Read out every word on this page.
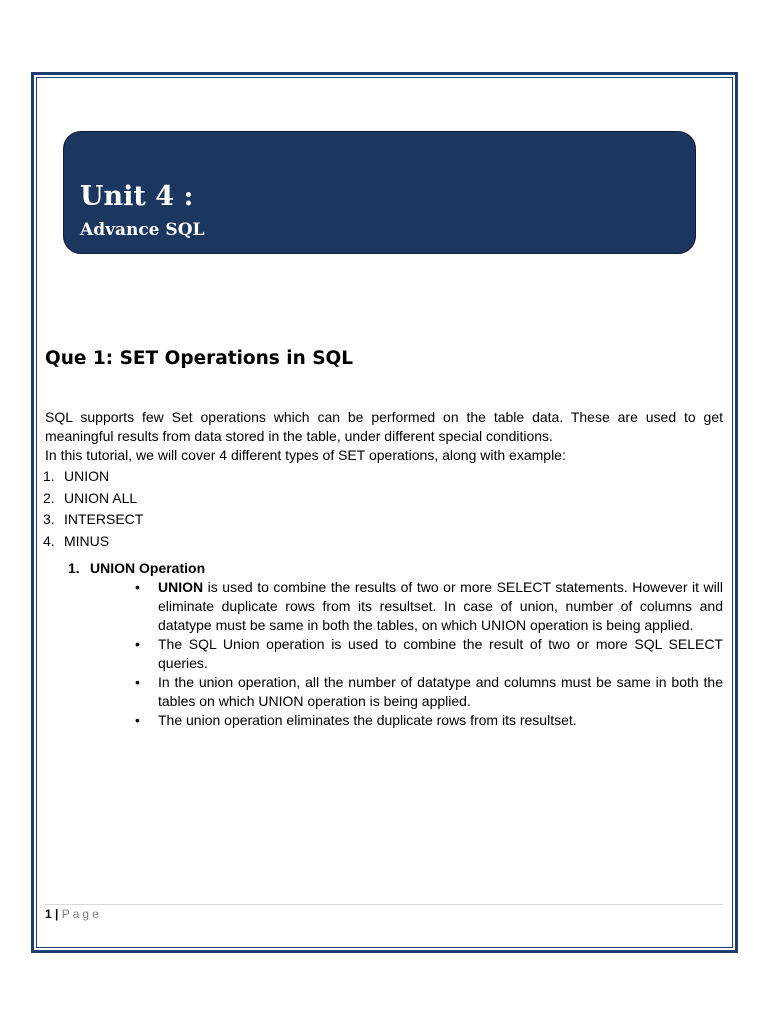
Unit 4 :
Advance SQL
Que 1: SET Operations in SQL

SQL supports few Set operations which can be performed on the table data. These are used to get meaningful results from data stored in the table, under different special conditions.

In this tutorial, we will cover 4 different types of SET operations, along with example:

1. UNION
2. UNION ALL
3. INTERSECT
4. MINUS
1. UNION Operation
• UNION is used to combine the results of two or more SELECT statements. However it will eliminate duplicate rows from its resultset. In case of union, number of columns and datatype must be same in both the tables, on which UNION operation is being applied.
• The SQL Union operation is used to combine the result of two or more SQL SELECT queries.
• In the union operation, all the number of datatype and columns must be same in both the tables on which UNION operation is being applied.
• The union operation eliminates the duplicate rows from its resultset.
1 | Page
